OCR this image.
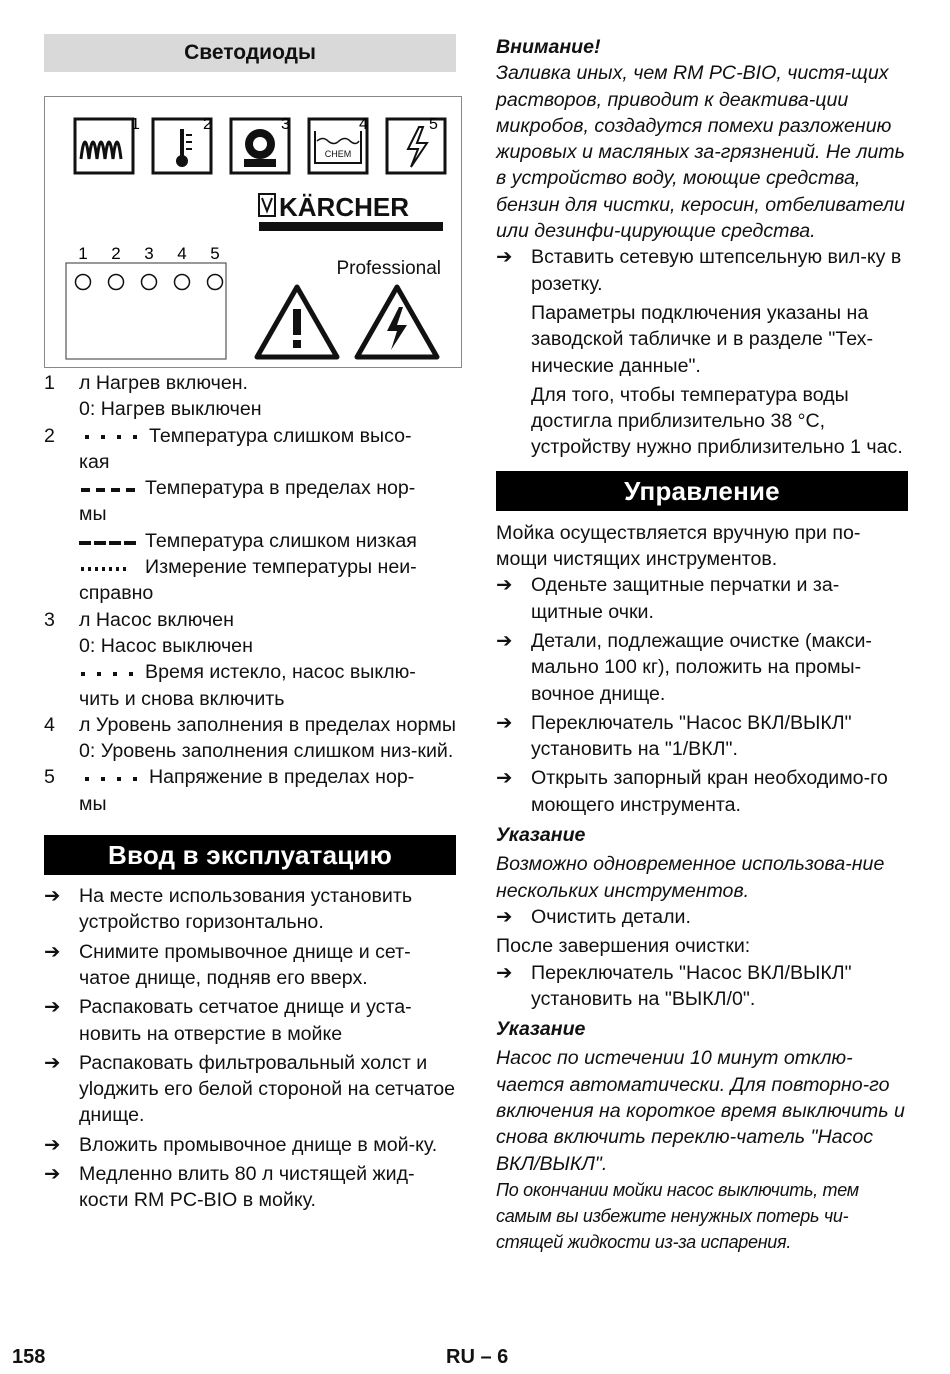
Светодиоды
CHEM
1	2	3	4	5
KÄRCHER
1 2 3 4 5
Professional

1 л Нагрев включен.

0: Нагрев выключен

2	Температура слишком высо-

кая

Температура в пределах нор-

мы

Температура слишком низкая

Измерение температуры неи-

справно

3 л Насос включен

0: Насос выключен

Время истекло, насос выклю-

чить и снова включить

4 л Уровень заполнения в пределах нормы

0: Уровень заполнения слишком низ-кий.

5	Напряжение в пределах нор-

мы

Ввод в эксплуатацию

➔ На месте использования установить устройство горизонтально.

➔ Снимите промывочное днище и сет-чатое днище, подняв его вверх.

➔ Распаковать сетчатое днище и уста-новить на отверстие в мойке

➔ Распаковать фильтровальный холст и уloджить его белой стороной на сетчатое днище.

➔ Вложить промывочное днище в мой-ку.

➔ Медленно влить 80 л чистящей жид-кости RM PC-BIO в мойку.

Внимание!

Заливка иных, чем RM PC-BIO, чистя-щих растворов, приводит к деактива-ции микробов, создадутся помехи разложению жировых и масляных за-грязнений. Не лить в устройство воду, моющие средства, бензин для чистки, керосин, отбеливатели или дезинфи-цирующие средства.

➔ Вставить сетевую штепсельную вил-ку в розетку.

Параметры подключения указаны на заводской табличке и в разделе "Тех-нические данные".

Для того, чтобы температура воды достигла приблизительно 38 °C, устройству нужно приблизительно 1 час.

Управление

Мойка осуществляется вручную при по-мощи чистящих инструментов.

➔ Оденьте защитные перчатки и за-щитные очки.

➔ Детали, подлежащие очистке (макси-мально 100 кг), положить на промы-вочное днище.

➔ Переключатель "Насос ВКЛ/ВЫКЛ" установить на "1/ВКЛ".

➔ Открыть запорный кран необходимо-го моющего инструмента.

Указание

Возможно одновременное использова-ние нескольких инструментов.

➔ Очистить детали.

После завершения очистки:

➔ Переключатель "Насос ВКЛ/ВЫКЛ" установить на "ВЫКЛ/0".

Указание

Насос по истечении 10 минут отклю-чается автоматически. Для повторно-го включения на короткое время выключить и снова включить переклю-чатель "Насос ВКЛ/ВЫКЛ".

По окончании мойки насос выключить, тем самым вы избежите ненужных потерь чи-стящей жидкости из-за испарения.

158	RU – 6
